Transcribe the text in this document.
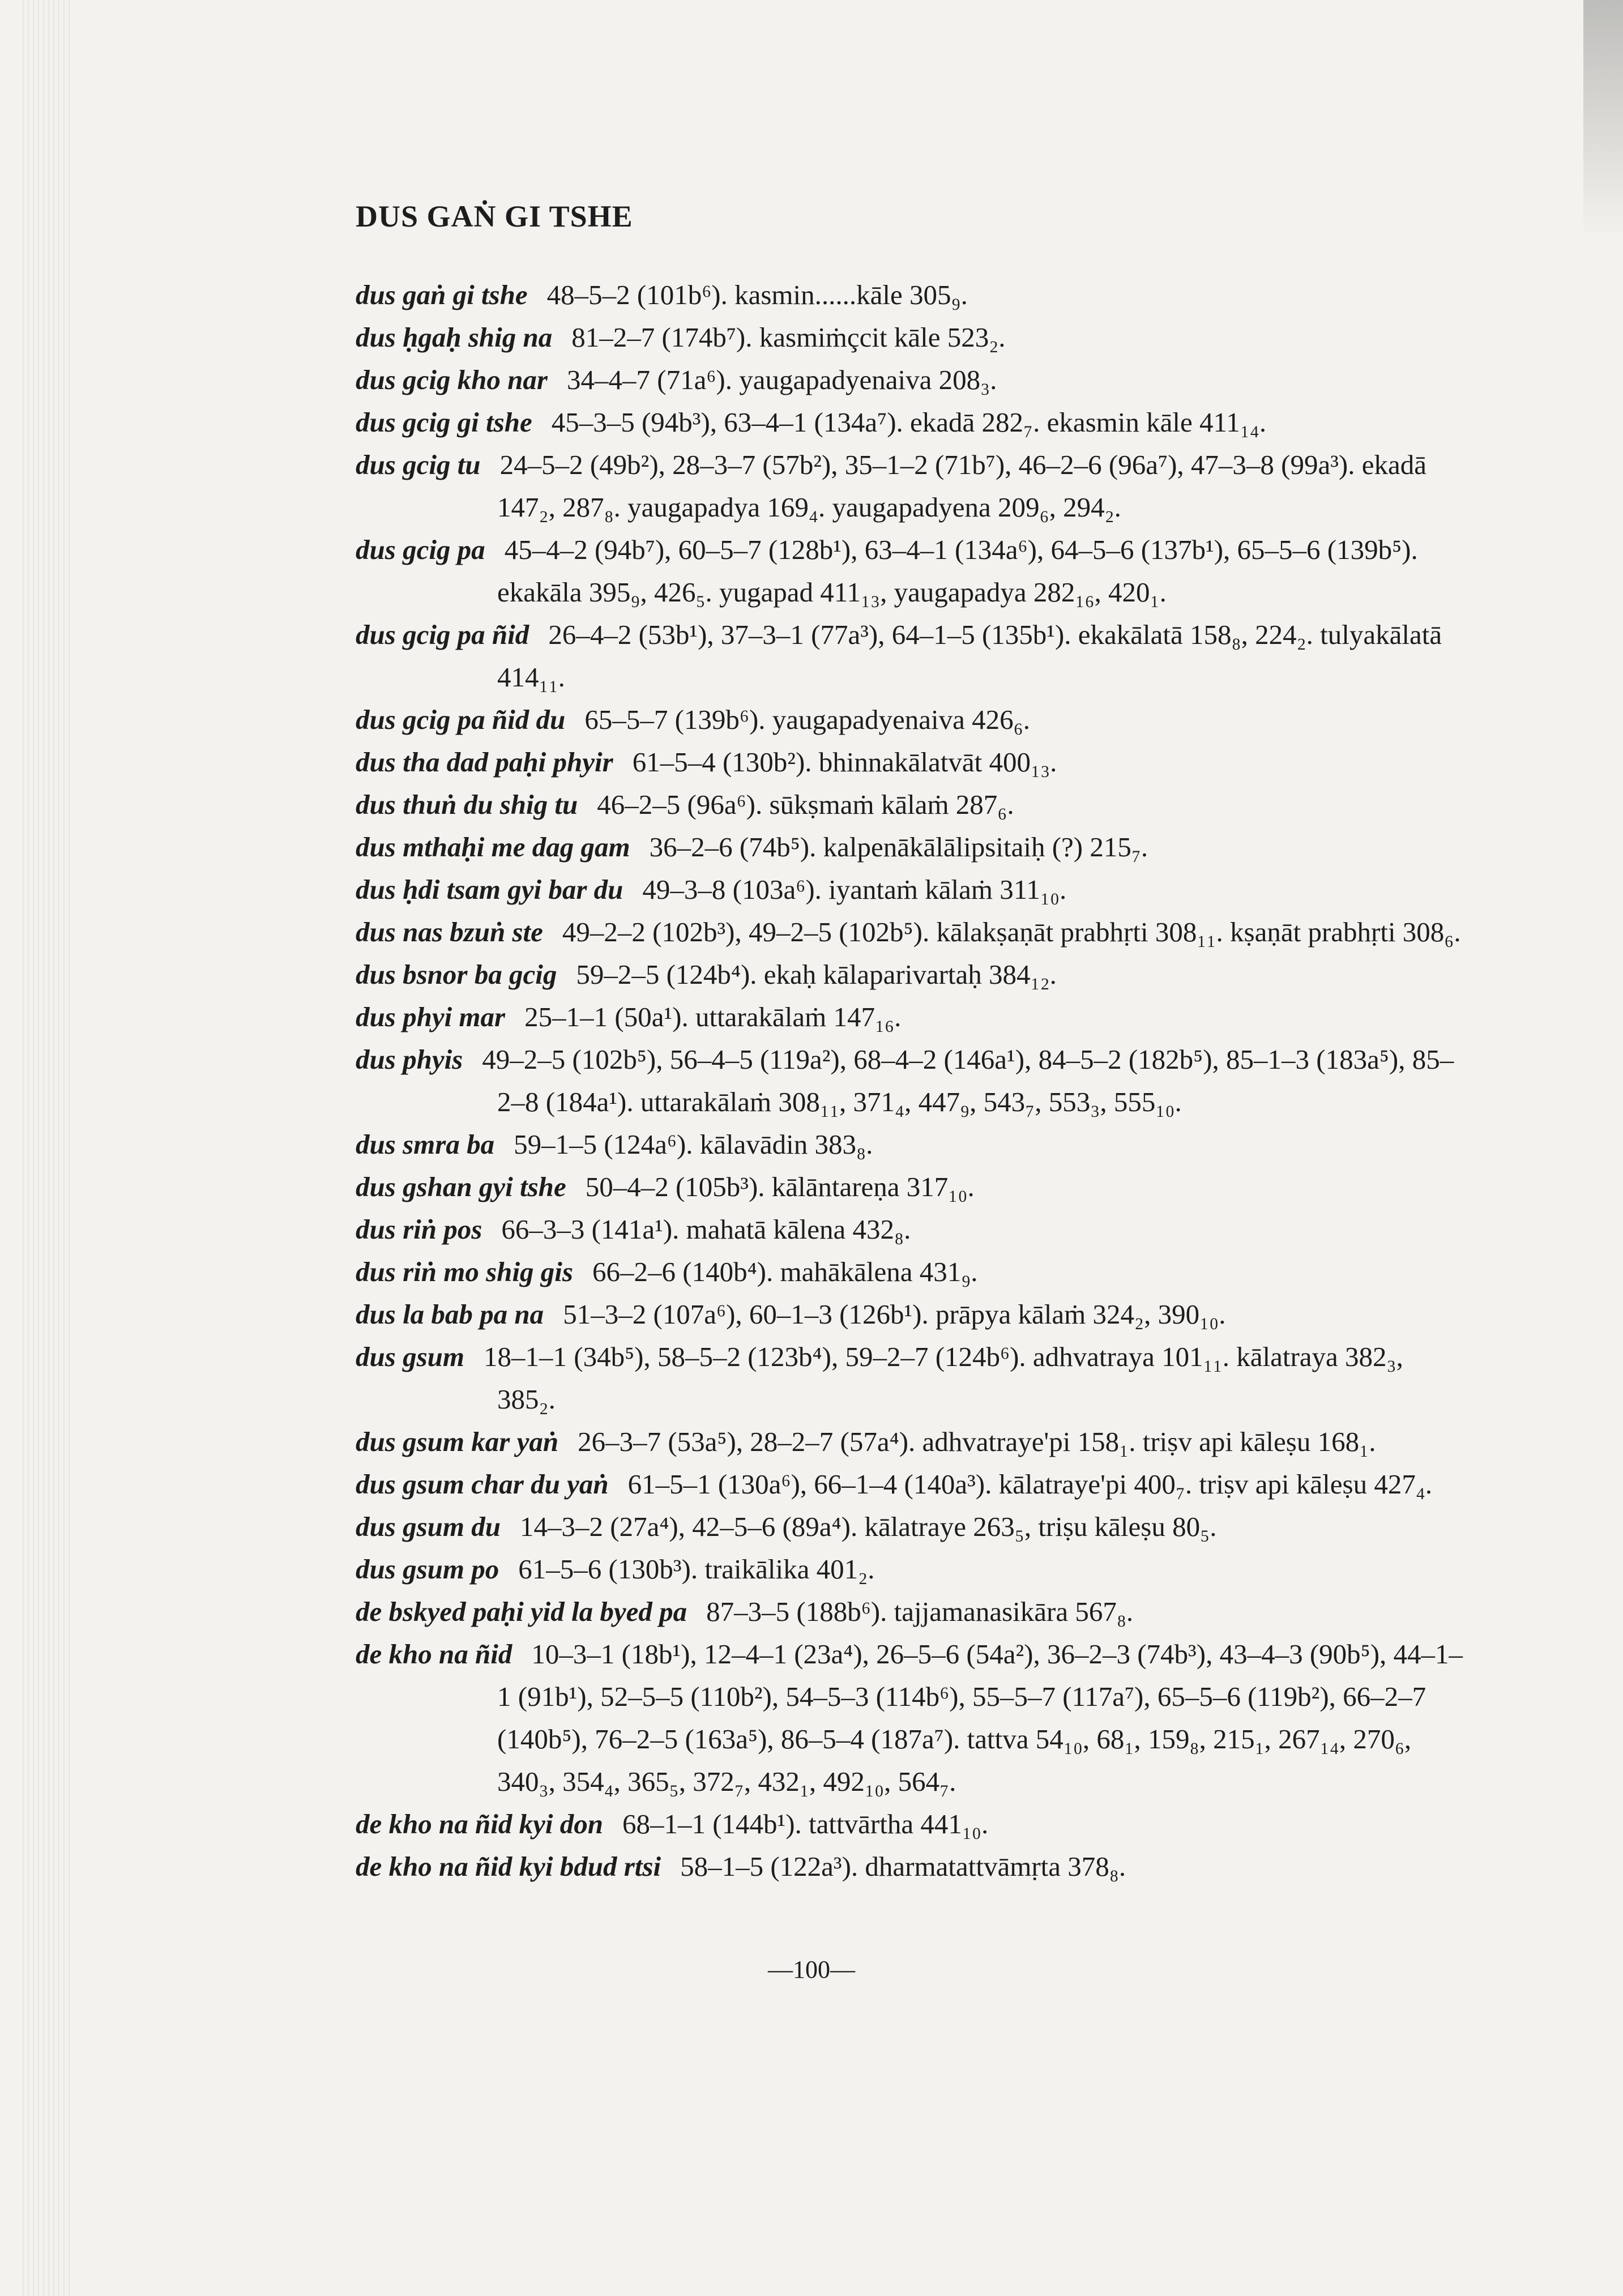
DUS GAṄ GI TSHE

dus gaṅ gi tshe 48–5–2 (101b⁶). kasmin......kāle 305₉.

dus ḥgaḥ shig na 81–2–7 (174b⁷). kasmiṁçcit kāle 523₂.

dus gcig kho nar 34–4–7 (71a⁶). yaugapadyenaiva 208₃.

dus gcig gi tshe 45–3–5 (94b³), 63–4–1 (134a⁷). ekadā 282₇. ekasmin kāle 411₁₄.

dus gcig tu 24–5–2 (49b²), 28–3–7 (57b²), 35–1–2 (71b⁷), 46–2–6 (96a⁷), 47–3–8 (99a³). ekadā 147₂, 287₈. yaugapadya 169₄. yaugapadyena 209₆, 294₂.

dus gcig pa 45–4–2 (94b⁷), 60–5–7 (128b¹), 63–4–1 (134a⁶), 64–5–6 (137b¹), 65–5–6 (139b⁵). ekakāla 395₉, 426₅. yugapad 411₁₃, yaugapadya 282₁₆, 420₁.

dus gcig pa ñid 26–4–2 (53b¹), 37–3–1 (77a³), 64–1–5 (135b¹). ekakālatā 158₈, 224₂. tulyakālatā 414₁₁.

dus gcig pa ñid du 65–5–7 (139b⁶). yaugapadyenaiva 426₆.

dus tha dad paḥi phyir 61–5–4 (130b²). bhinnakālatvāt 400₁₃.

dus thuṅ du shig tu 46–2–5 (96a⁶). sūkṣmaṁ kālaṁ 287₆.

dus mthaḥi me dag gam 36–2–6 (74b⁵). kalpenākālālipsitaiḥ (?) 215₇.

dus ḥdi tsam gyi bar du 49–3–8 (103a⁶). iyantaṁ kālaṁ 311₁₀.

dus nas bzuṅ ste 49–2–2 (102b³), 49–2–5 (102b⁵). kālakṣaṇāt prabhṛti 308₁₁. kṣaṇāt prabhṛti 308₆.

dus bsnor ba gcig 59–2–5 (124b⁴). ekaḥ kālaparivartaḥ 384₁₂.

dus phyi mar 25–1–1 (50a¹). uttarakālaṁ 147₁₆.

dus phyis 49–2–5 (102b⁵), 56–4–5 (119a²), 68–4–2 (146a¹), 84–5–2 (182b⁵), 85–1–3 (183a⁵), 85–2–8 (184a¹). uttarakālaṁ 308₁₁, 371₄, 447₉, 543₇, 553₃, 555₁₀.

dus smra ba 59–1–5 (124a⁶). kālavādin 383₈.

dus gshan gyi tshe 50–4–2 (105b³). kālāntareṇa 317₁₀.

dus riṅ pos 66–3–3 (141a¹). mahatā kālena 432₈.

dus riṅ mo shig gis 66–2–6 (140b⁴). mahākālena 431₉.

dus la bab pa na 51–3–2 (107a⁶), 60–1–3 (126b¹). prāpya kālaṁ 324₂, 390₁₀.

dus gsum 18–1–1 (34b⁵), 58–5–2 (123b⁴), 59–2–7 (124b⁶). adhvatraya 101₁₁. kālatraya 382₃, 385₂.

dus gsum kar yaṅ 26–3–7 (53a⁵), 28–2–7 (57a⁴). adhvatraye'pi 158₁. triṣv api kāleṣu 168₁.

dus gsum char du yaṅ 61–5–1 (130a⁶), 66–1–4 (140a³). kālatraye'pi 400₇. triṣv api kāleṣu 427₄.

dus gsum du 14–3–2 (27a⁴), 42–5–6 (89a⁴). kālatraye 263₅, triṣu kāleṣu 80₅.

dus gsum po 61–5–6 (130b³). traikālika 401₂.

de bskyed paḥi yid la byed pa 87–3–5 (188b⁶). tajjamanasikāra 567₈.

de kho na ñid 10–3–1 (18b¹), 12–4–1 (23a⁴), 26–5–6 (54a²), 36–2–3 (74b³), 43–4–3 (90b⁵), 44–1–1 (91b¹), 52–5–5 (110b²), 54–5–3 (114b⁶), 55–5–7 (117a⁷), 65–5–6 (119b²), 66–2–7 (140b⁵), 76–2–5 (163a⁵), 86–5–4 (187a⁷). tattva 54₁₀, 68₁, 159₈, 215₁, 267₁₄, 270₆, 340₃, 354₄, 365₅, 372₇, 432₁, 492₁₀, 564₇.

de kho na ñid kyi don 68–1–1 (144b¹). tattvārtha 441₁₀.

de kho na ñid kyi bdud rtsi 58–1–5 (122a³). dharmatattvāmṛta 378₈.

—100—
